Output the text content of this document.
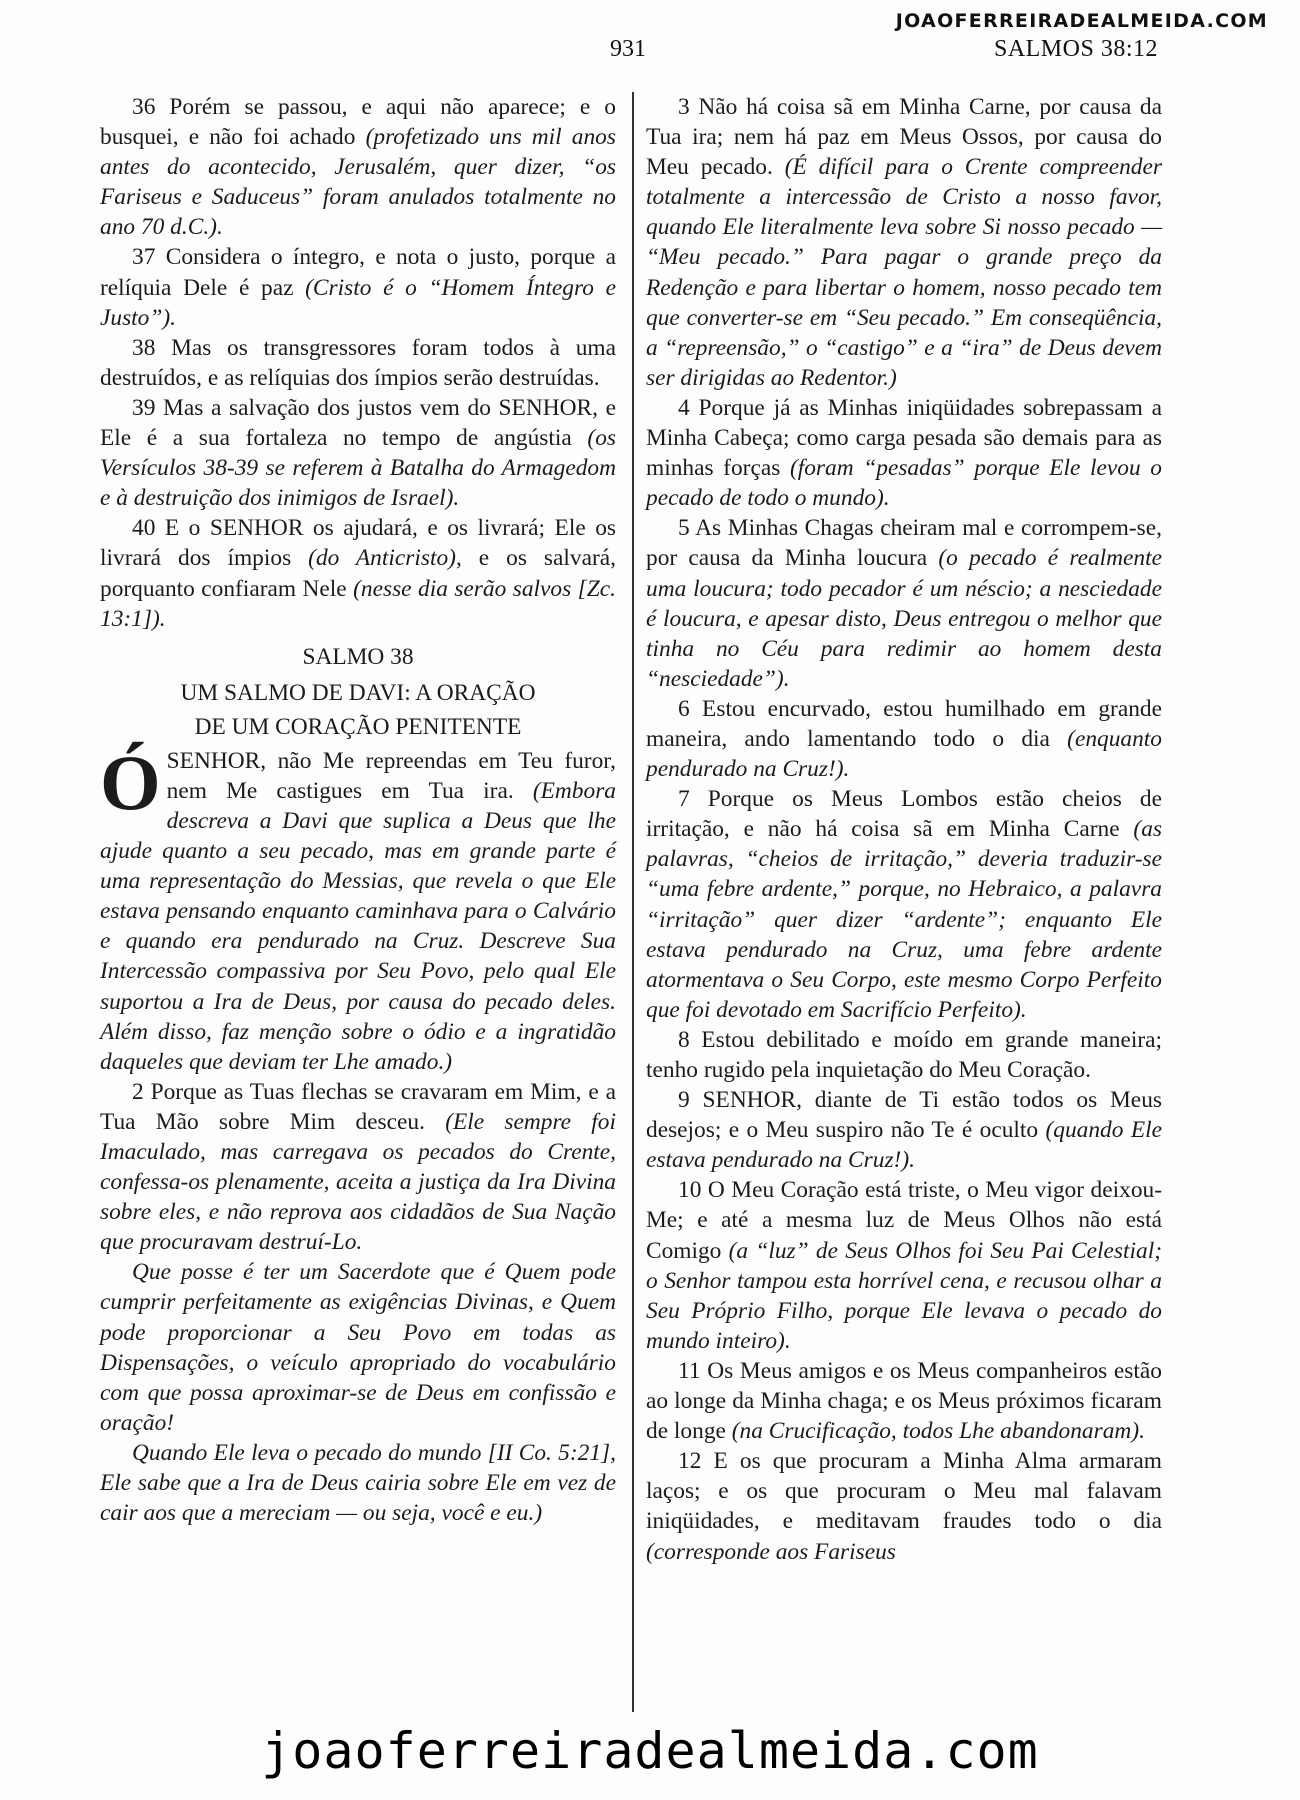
JOAOFERREIRADEALMEIDA.COM
931	SALMOS 38:12

36 Porém se passou, e aqui não aparece; e o busquei, e não foi achado (profetizado uns mil anos antes do acontecido, Jerusalém, quer dizer, “os Fariseus e Saduceus” foram anulados totalmente no ano 70 d.C.).

37 Considera o íntegro, e nota o justo, porque a relíquia Dele é paz (Cristo é o “Homem Íntegro e Justo”).

38 Mas os transgressores foram todos à uma destruídos, e as relíquias dos ímpios serão destruídas.

39 Mas a salvação dos justos vem do SENHOR, e Ele é a sua fortaleza no tempo de angústia (os Versículos 38-39 se referem à Batalha do Armagedom e à destruição dos inimigos de Israel).

40 E o SENHOR os ajudará, e os livrará; Ele os livrará dos ímpios (do Anticristo), e os salvará, porquanto confiaram Nele (nesse dia serão salvos [Zc. 13:1]).

SALMO 38
UM SALMO DE DAVI: A ORAÇÃO
DE UM CORAÇÃO PENITENTE

ÓSENHOR, não Me repreendas em Teu furor, nem Me castigues em Tua ira. (Embora descreva a Davi que suplica a Deus que lhe ajude quanto a seu pecado, mas em grande parte é uma representação do Messias, que revela o que Ele estava pensando enquanto caminhava para o Calvário e quando era pendurado na Cruz. Descreve Sua Intercessão compassiva por Seu Povo, pelo qual Ele suportou a Ira de Deus, por causa do pecado deles. Além disso, faz menção sobre o ódio e a ingratidão daqueles que deviam ter Lhe amado.)

2 Porque as Tuas flechas se cravaram em Mim, e a Tua Mão sobre Mim desceu. (Ele sempre foi Imaculado, mas carregava os pecados do Crente, confessa-os plenamente, aceita a justiça da Ira Divina sobre eles, e não reprova aos cidadãos de Sua Nação que procuravam destruí-Lo.

Que posse é ter um Sacerdote que é Quem pode cumprir perfeitamente as exigências Divinas, e Quem pode proporcionar a Seu Povo em todas as Dispensações, o veículo apropriado do vocabulário com que possa aproximar-se de Deus em confissão e oração!

Quando Ele leva o pecado do mundo [II Co. 5:21], Ele sabe que a Ira de Deus cairia sobre Ele em vez de cair aos que a mereciam — ou seja, você e eu.)

3 Não há coisa sã em Minha Carne, por causa da Tua ira; nem há paz em Meus Ossos, por causa do Meu pecado. (É difícil para o Crente compreender totalmente a intercessão de Cristo a nosso favor, quando Ele literalmente leva sobre Si nosso pecado — “Meu pecado.” Para pagar o grande preço da Redenção e para libertar o homem, nosso pecado tem que converter-se em “Seu pecado.” Em conseqüência, a “repreensão,” o “castigo” e a “ira” de Deus devem ser dirigidas ao Redentor.)

4 Porque já as Minhas iniqüidades sobrepassam a Minha Cabeça; como carga pesada são demais para as minhas forças (foram “pesadas” porque Ele levou o pecado de todo o mundo).

5 As Minhas Chagas cheiram mal e corrompem-se, por causa da Minha loucura (o pecado é realmente uma loucura; todo pecador é um néscio; a nesciedade é loucura, e apesar disto, Deus entregou o melhor que tinha no Céu para redimir ao homem desta “nesciedade”).

6 Estou encurvado, estou humilhado em grande maneira, ando lamentando todo o dia (enquanto pendurado na Cruz!).

7 Porque os Meus Lombos estão cheios de irritação, e não há coisa sã em Minha Carne (as palavras, “cheios de irritação,” deveria traduzir-se “uma febre ardente,” porque, no Hebraico, a palavra “irritação” quer dizer “ardente”; enquanto Ele estava pendurado na Cruz, uma febre ardente atormentava o Seu Corpo, este mesmo Corpo Perfeito que foi devotado em Sacrifício Perfeito).

8 Estou debilitado e moído em grande maneira; tenho rugido pela inquietação do Meu Coração.

9 SENHOR, diante de Ti estão todos os Meus desejos; e o Meu suspiro não Te é oculto (quando Ele estava pendurado na Cruz!).

10 O Meu Coração está triste, o Meu vigor deixou-Me; e até a mesma luz de Meus Olhos não está Comigo (a “luz” de Seus Olhos foi Seu Pai Celestial; o Senhor tampou esta horrível cena, e recusou olhar a Seu Próprio Filho, porque Ele levava o pecado do mundo inteiro).

11 Os Meus amigos e os Meus companheiros estão ao longe da Minha chaga; e os Meus próximos ficaram de longe (na Crucificação, todos Lhe abandonaram).

12 E os que procuram a Minha Alma armaram laços; e os que procuram o Meu mal falavam iniqüidades, e meditavam fraudes todo o dia (corresponde aos Fariseus

joaoferreiradealmeida.com
